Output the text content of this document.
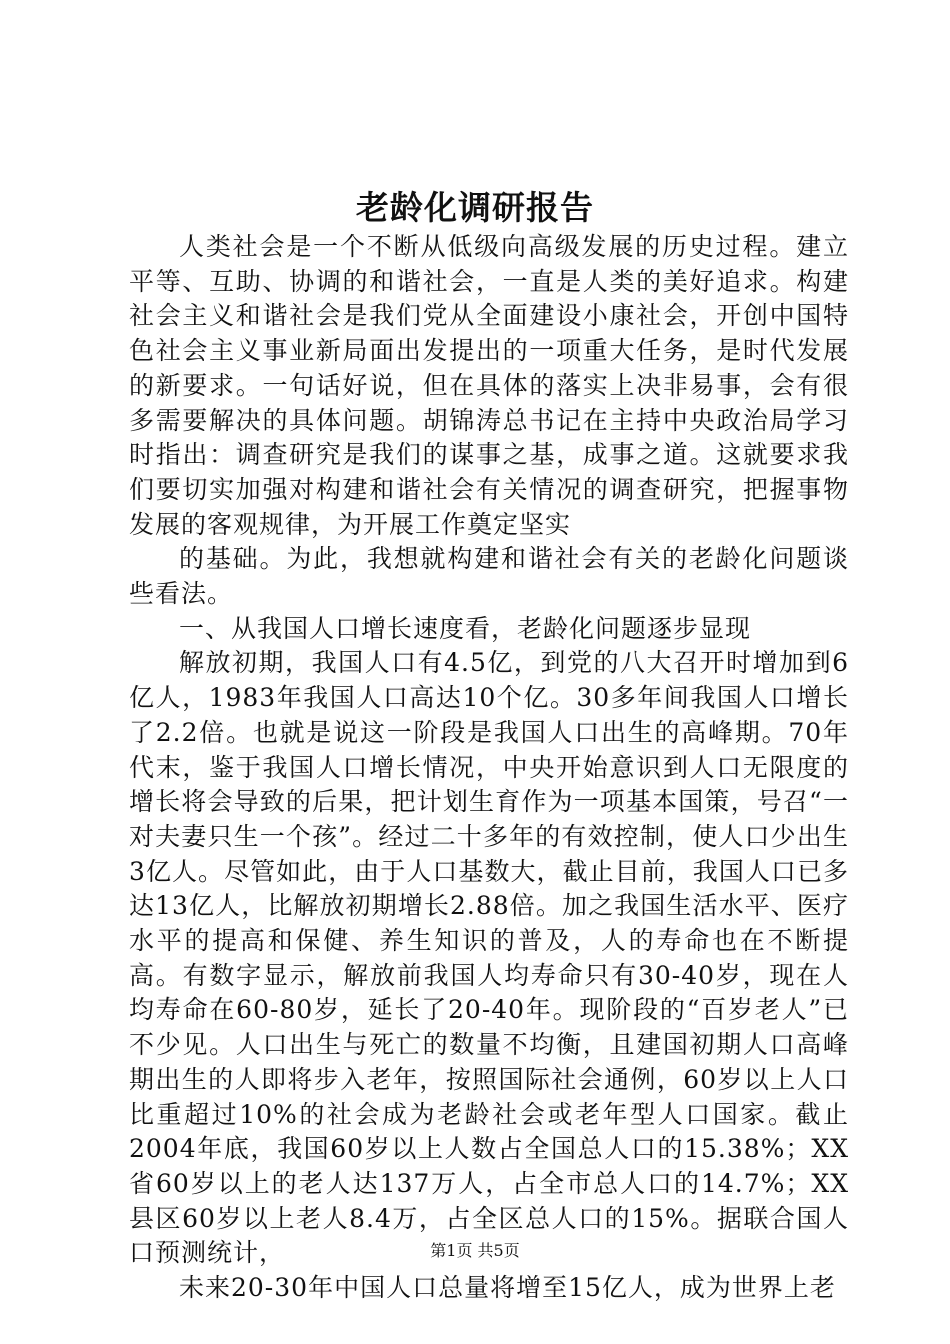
老龄化调研报告

人类社会是一个不断从低级向高级发展的历史过程。建立平等、互助、协调的和谐社会，一直是人类的美好追求。构建社会主义和谐社会是我们党从全面建设小康社会，开创中国特色社会主义事业新局面出发提出的一项重大任务，是时代发展的新要求。一句话好说，但在具体的落实上决非易事，会有很多需要解决的具体问题。胡锦涛总书记在主持中央政治局学习时指出：调查研究是我们的谋事之基，成事之道。这就要求我们要切实加强对构建和谐社会有关情况的调查研究，把握事物发展的客观规律，为开展工作奠定坚实

的基础。为此，我想就构建和谐社会有关的老龄化问题谈些看法。

一、从我国人口增长速度看，老龄化问题逐步显现

解放初期，我国人口有4.5亿，到党的八大召开时增加到6亿人，1983年我国人口高达10个亿。30多年间我国人口增长了2.2倍。也就是说这一阶段是我国人口出生的高峰期。70年代末，鉴于我国人口增长情况，中央开始意识到人口无限度的增长将会导致的后果，把计划生育作为一项基本国策，号召“一对夫妻只生一个孩”。经过二十多年的有效控制，使人口少出生3亿人。尽管如此，由于人口基数大，截止目前，我国人口已多达13亿人，比解放初期增长2.88倍。加之我国生活水平、医疗水平的提高和保健、养生知识的普及，人的寿命也在不断提高。有数字显示，解放前我国人均寿命只有30-40岁，现在人均寿命在60-80岁，延长了20-40年。现阶段的“百岁老人”已不少见。人口出生与死亡的数量不均衡，且建国初期人口高峰期出生的人即将步入老年，按照国际社会通例，60岁以上人口比重超过10%的社会成为老龄社会或老年型人口国家。截止2004年底，我国60岁以上人数占全国总人口的15.38%；XX省60岁以上的老人达137万人，占全市总人口的14.7%；XX县区60岁以上老人8.4万，占全区总人口的15%。据联合国人口预测统计，

未来20-30年中国人口总量将增至15亿人，成为世界上老

第1页 共5页
